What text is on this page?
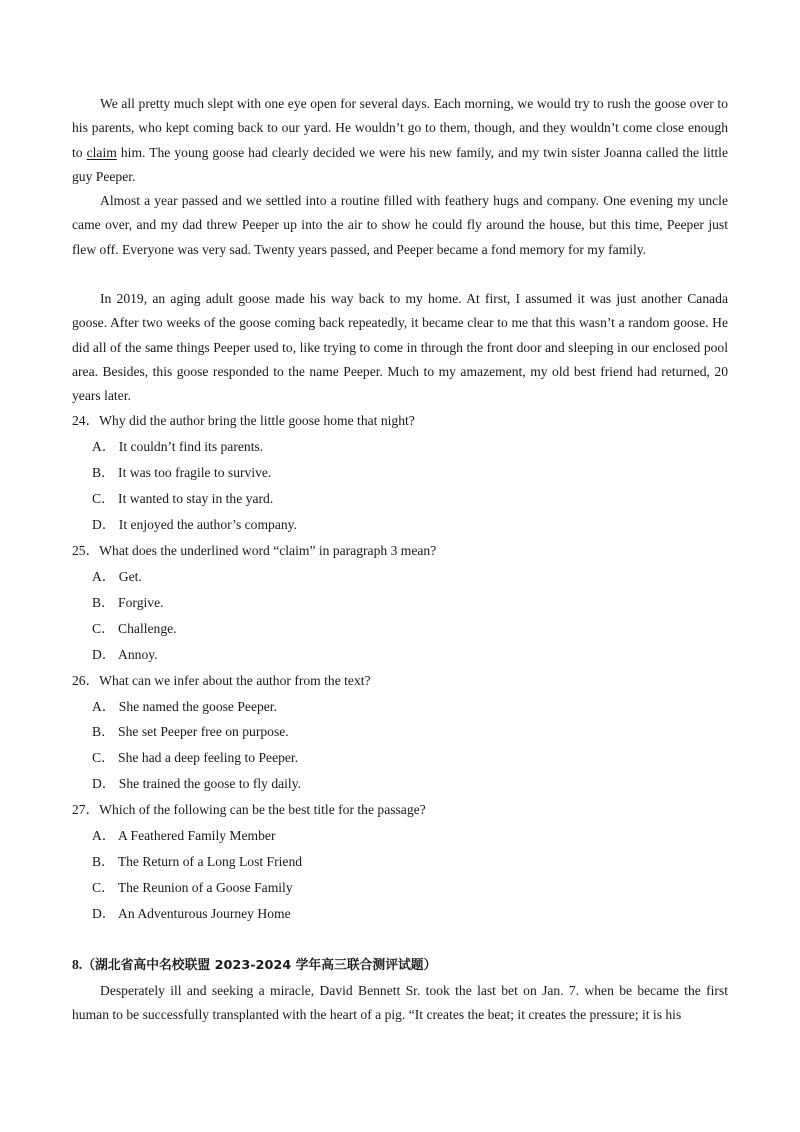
We all pretty much slept with one eye open for several days. Each morning, we would try to rush the goose over to his parents, who kept coming back to our yard. He wouldn’t go to them, though, and they wouldn’t come close enough to claim him. The young goose had clearly decided we were his new family, and my twin sister Joanna called the little guy Peeper.

Almost a year passed and we settled into a routine filled with feathery hugs and company. One evening my uncle came over, and my dad threw Peeper up into the air to show he could fly around the house, but this time, Peeper just flew off. Everyone was very sad. Twenty years passed, and Peeper became a fond memory for my family.

In 2019, an aging adult goose made his way back to my home. At first, I assumed it was just another Canada goose. After two weeks of the goose coming back repeatedly, it became clear to me that this wasn’t a random goose. He did all of the same things Peeper used to, like trying to come in through the front door and sleeping in our enclosed pool area. Besides, this goose responded to the name Peeper. Much to my amazement, my old best friend had returned, 20 years later.

24．Why did the author bring the little goose home that night?

A． It couldn’t find its parents.

B． It was too fragile to survive.

C． It wanted to stay in the yard.

D． It enjoyed the author’s company.

25．What does the underlined word “claim” in paragraph 3 mean?

A． Get.

B． Forgive.

C． Challenge.

D． Annoy.

26．What can we infer about the author from the text?

A． She named the goose Peeper.

B． She set Peeper free on purpose.

C． She had a deep feeling to Peeper.

D． She trained the goose to fly daily.

27．Which of the following can be the best title for the passage?

A． A Feathered Family Member

B． The Return of a Long Lost Friend

C． The Reunion of a Goose Family

D． An Adventurous Journey Home

8.（湖北省高中名校联盟 2023-2024 学年高三联合测评试题）

Desperately ill and seeking a miracle, David Bennett Sr. took the last bet on Jan. 7. when be became the first human to be successfully transplanted with the heart of a pig. “It creates the beat; it creates the pressure; it is his
